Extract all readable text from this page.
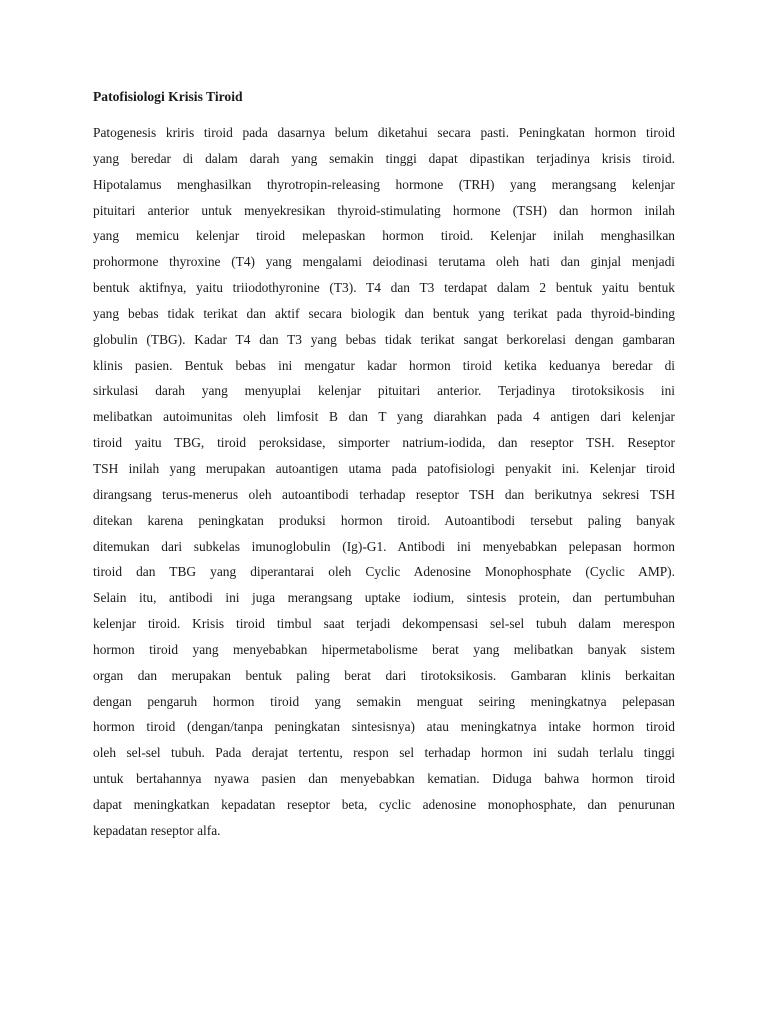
Patofisiologi Krisis Tiroid
Patogenesis kriris tiroid pada dasarnya belum diketahui secara pasti. Peningkatan hormon tiroid
yang beredar di dalam darah yang semakin tinggi dapat dipastikan terjadinya krisis tiroid.
Hipotalamus menghasilkan thyrotropin-releasing hormone (TRH) yang merangsang kelenjar
pituitari anterior untuk menyekresikan thyroid-stimulating hormone (TSH) dan hormon inilah
yang memicu kelenjar tiroid melepaskan hormon tiroid. Kelenjar inilah menghasilkan
prohormone thyroxine (T4) yang mengalami deiodinasi terutama oleh hati dan ginjal menjadi
bentuk aktifnya, yaitu triiodothyronine (T3). T4 dan T3 terdapat dalam 2 bentuk yaitu bentuk
yang bebas tidak terikat dan aktif secara biologik dan bentuk yang terikat pada thyroid-binding
globulin (TBG). Kadar T4 dan T3 yang bebas tidak terikat sangat berkorelasi dengan gambaran
klinis pasien. Bentuk bebas ini mengatur kadar hormon tiroid ketika keduanya beredar di
sirkulasi darah yang menyuplai kelenjar pituitari anterior. Terjadinya tirotoksikosis ini
melibatkan autoimunitas oleh limfosit B dan T yang diarahkan pada 4 antigen dari kelenjar
tiroid yaitu TBG, tiroid peroksidase, simporter natrium-iodida, dan reseptor TSH. Reseptor
TSH inilah yang merupakan autoantigen utama pada patofisiologi penyakit ini. Kelenjar tiroid
dirangsang terus-menerus oleh autoantibodi terhadap reseptor TSH dan berikutnya sekresi TSH
ditekan karena peningkatan produksi hormon tiroid. Autoantibodi tersebut paling banyak
ditemukan dari subkelas imunoglobulin (Ig)-G1. Antibodi ini menyebabkan pelepasan hormon
tiroid dan TBG yang diperantarai oleh Cyclic Adenosine Monophosphate (Cyclic AMP).
Selain itu, antibodi ini juga merangsang uptake iodium, sintesis protein, dan pertumbuhan
kelenjar tiroid. Krisis tiroid timbul saat terjadi dekompensasi sel-sel tubuh dalam merespon
hormon tiroid yang menyebabkan hipermetabolisme berat yang melibatkan banyak sistem
organ dan merupakan bentuk paling berat dari tirotoksikosis. Gambaran klinis berkaitan
dengan pengaruh hormon tiroid yang semakin menguat seiring meningkatnya pelepasan
hormon tiroid (dengan/tanpa peningkatan sintesisnya) atau meningkatnya intake hormon tiroid
oleh sel-sel tubuh. Pada derajat tertentu, respon sel terhadap hormon ini sudah terlalu tinggi
untuk bertahannya nyawa pasien dan menyebabkan kematian. Diduga bahwa hormon tiroid
dapat meningkatkan kepadatan reseptor beta, cyclic adenosine monophosphate, dan penurunan
kepadatan reseptor alfa.
